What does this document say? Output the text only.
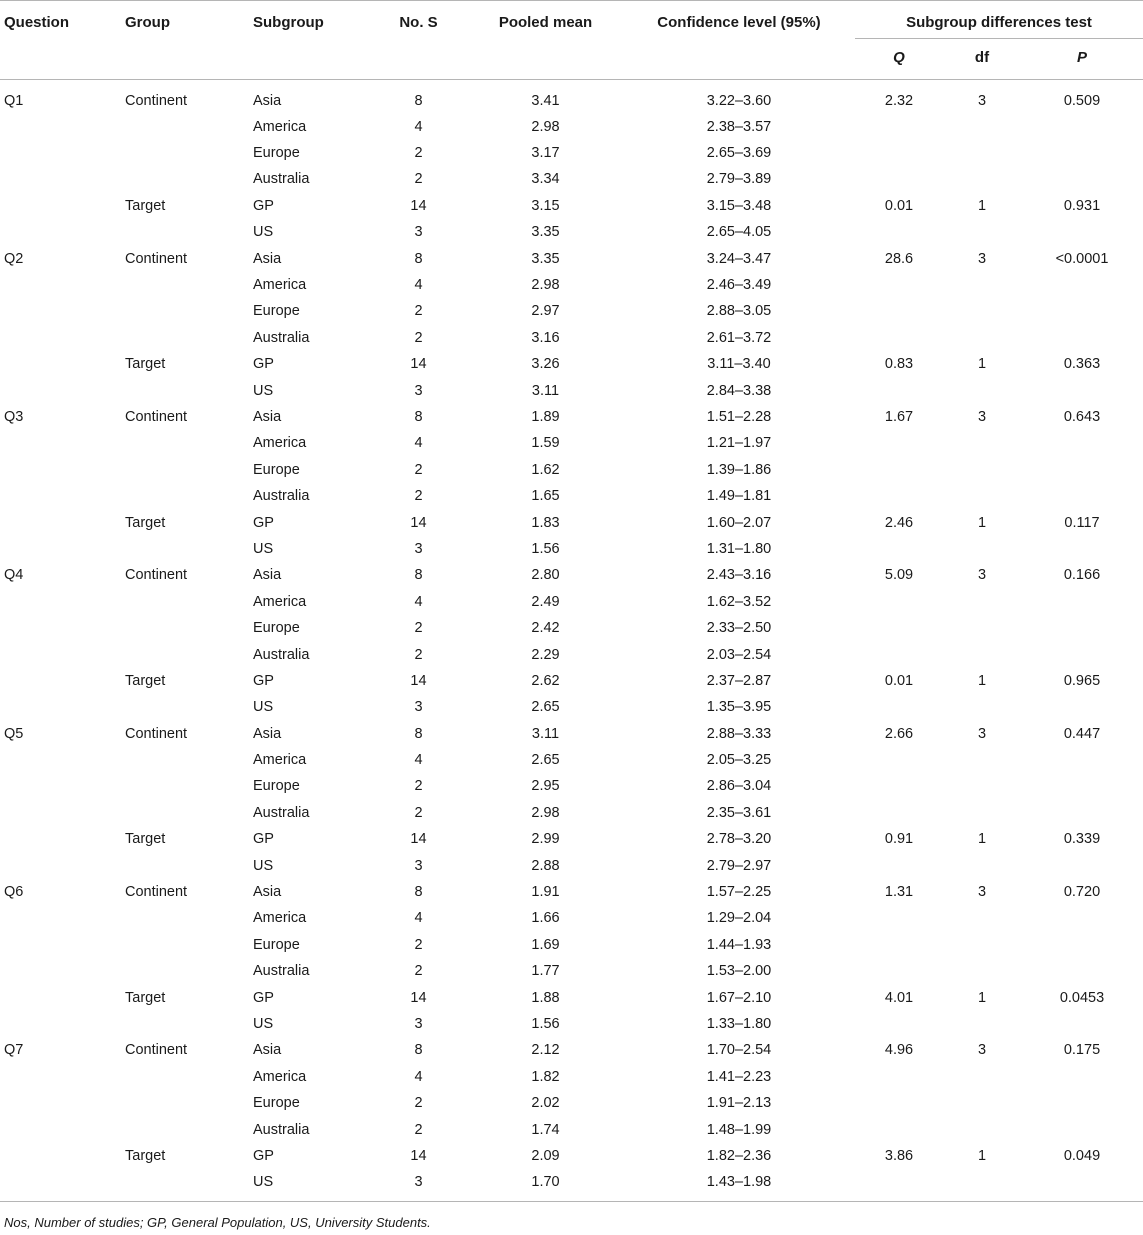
Question	Group	Subgroup	No. S	Pooled mean	Confidence level (95%)	Subgroup differences test		
						Q	df	P
Q1	Continent	Asia	8	3.41	3.22–3.60	2.32	3	0.509
		America	4	2.98	2.38–3.57			
		Europe	2	3.17	2.65–3.69			
		Australia	2	3.34	2.79–3.89			
	Target	GP	14	3.15	3.15–3.48	0.01	1	0.931
		US	3	3.35	2.65–4.05			
Q2	Continent	Asia	8	3.35	3.24–3.47	28.6	3	<0.0001
		America	4	2.98	2.46–3.49			
		Europe	2	2.97	2.88–3.05			
		Australia	2	3.16	2.61–3.72			
	Target	GP	14	3.26	3.11–3.40	0.83	1	0.363
		US	3	3.11	2.84–3.38			
Q3	Continent	Asia	8	1.89	1.51–2.28	1.67	3	0.643
		America	4	1.59	1.21–1.97			
		Europe	2	1.62	1.39–1.86			
		Australia	2	1.65	1.49–1.81			
	Target	GP	14	1.83	1.60–2.07	2.46	1	0.117
		US	3	1.56	1.31–1.80			
Q4	Continent	Asia	8	2.80	2.43–3.16	5.09	3	0.166
		America	4	2.49	1.62–3.52			
		Europe	2	2.42	2.33–2.50			
		Australia	2	2.29	2.03–2.54			
	Target	GP	14	2.62	2.37–2.87	0.01	1	0.965
		US	3	2.65	1.35–3.95			
Q5	Continent	Asia	8	3.11	2.88–3.33	2.66	3	0.447
		America	4	2.65	2.05–3.25			
		Europe	2	2.95	2.86–3.04			
		Australia	2	2.98	2.35–3.61			
	Target	GP	14	2.99	2.78–3.20	0.91	1	0.339
		US	3	2.88	2.79–2.97			
Q6	Continent	Asia	8	1.91	1.57–2.25	1.31	3	0.720
		America	4	1.66	1.29–2.04			
		Europe	2	1.69	1.44–1.93			
		Australia	2	1.77	1.53–2.00			
	Target	GP	14	1.88	1.67–2.10	4.01	1	0.0453
		US	3	1.56	1.33–1.80			
Q7	Continent	Asia	8	2.12	1.70–2.54	4.96	3	0.175
		America	4	1.82	1.41–2.23			
		Europe	2	2.02	1.91–2.13			
		Australia	2	1.74	1.48–1.99			
	Target	GP	14	2.09	1.82–2.36	3.86	1	0.049
		US	3	1.70	1.43–1.98			
Nos, Number of studies; GP, General Population, US, University Students.
